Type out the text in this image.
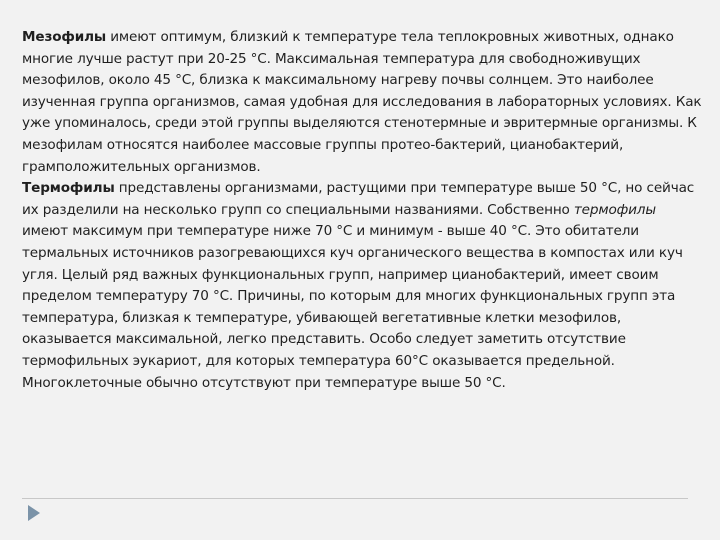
Мезофилы имеют оптимум, близкий к температуре тела теплокровных животных, однако многие лучше растут при 20-25 °С. Максимальная температура для свободноживущих мезофилов, около 45 °С, близка к максимальному нагреву почвы солнцем. Это наиболее изученная группа организмов, самая удобная для исследования в лабораторных условиях. Как уже упоминалось, среди этой группы выделяются стенотермные и эвритермные организмы. К мезофилам относятся наиболее массовые группы протео-бактерий, цианобактерий, грамположительных организмов.

Термофилы представлены организмами, растущими при температуре выше 50 °С, но сейчас их разделили на несколько групп со специальными названиями. Собственно термофилы имеют максимум при температуре ниже 70 °С и минимум - выше 40 °С. Это обитатели термальных источников разогревающихся куч органического вещества в компостах или куч угля. Целый ряд важных функциональных групп, например цианобактерий, имеет своим пределом температуру 70 °С. Причины, по которым для многих функциональных групп эта температура, близкая к температуре, убивающей вегетативные клетки мезофилов, оказывается максимальной, легко представить. Особо следует заметить отсутствие термофильных эукариот, для которых температура 60°С оказывается предельной. Многоклеточные обычно отсутствуют при температуре выше 50 °С.
